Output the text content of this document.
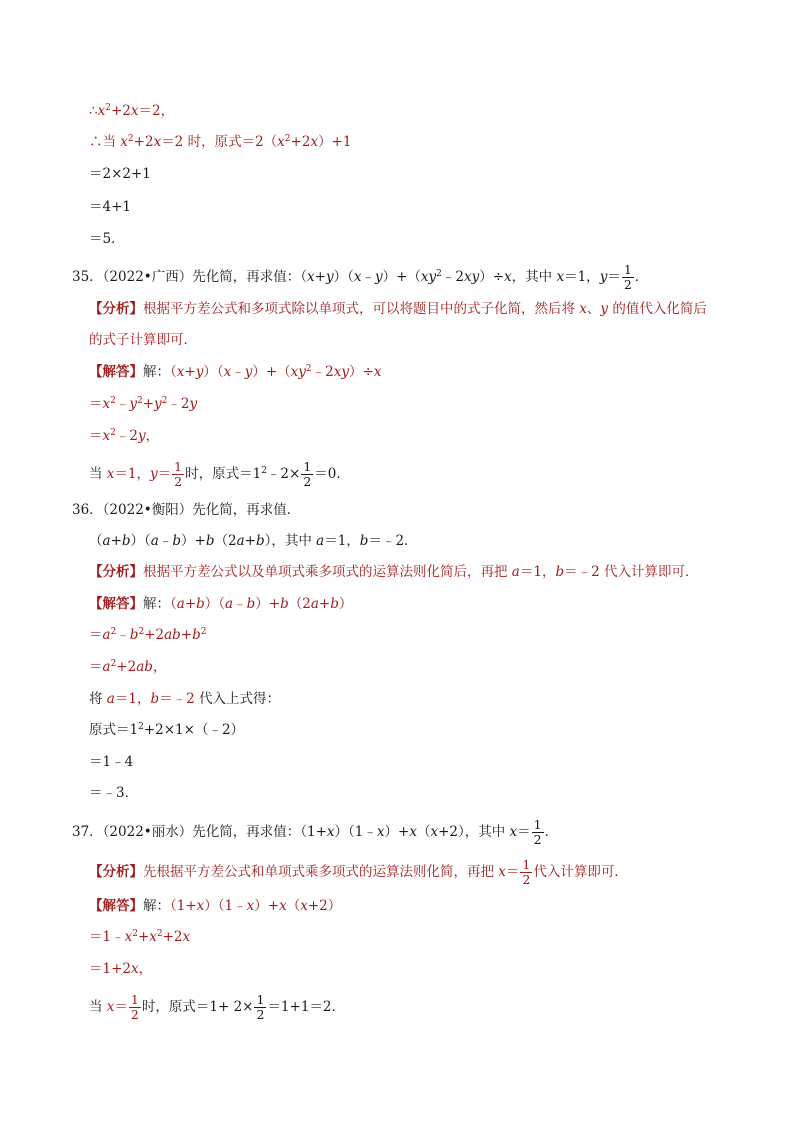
$\therefore x^2+2x=2$，
∴当 $x^2+2x=2$ 时，原式$=2(x^2+2x)+1$
＝2×2+1
＝4+1
＝5．
35．（2022•广西）先化简，再求值：$(x+y)(x﹣y)+(xy^2﹣2xy)\div x$，其中 x＝1，$y= \frac{1}{2}$ ．
【分析】根据平方差公式和多项式除以单项式，可以将题目中的式子化简，然后将 x、y 的值代入化简后
的式子计算即可．
【解答】解：$(x+y)(x﹣y)+(xy^2﹣2xy)\div x$
$=x^2﹣y^2+y^2﹣2y$
$=x^2﹣2y$，
当 x＝1，$y= \frac{1}{2}$ 时，原式$=1^2﹣2\times \frac{1}{2} =0$．
36．（2022•衡阳）先化简，再求值．
（a+b）（a﹣b）+b（2a+b），其中 a＝1，b＝﹣2．
【分析】根据平方差公式以及单项式乘多项式的运算法则化简后，再把 a＝1，b＝﹣2 代入计算即可．
【解答】解：（a+b）（a﹣b）+b（2a+b）
$=a^2﹣b^2+2ab+b^2$
$=a^2+2ab$，
将 a＝1，b＝﹣2 代入上式得：
原式$=1^2+2\times 1\times(﹣2)$
＝1﹣4
＝﹣3．
37．（2022•丽水）先化简，再求值：（1+x）（1﹣x）+x（x+2），其中 $x= \frac{1}{2}$ ．
【分析】先根据平方差公式和单项式乘多项式的运算法则化简，再把 $x= \frac{1}{2}$ 代入计算即可．
【解答】解：（1+x）（1﹣x）+x（x+2）
$=1﹣x^2+x^2+2x$
＝1+2x，
当 $x= \frac{1}{2}$ 时，原式$=1+ 2\times \frac{1}{2} =1+1=2$．
